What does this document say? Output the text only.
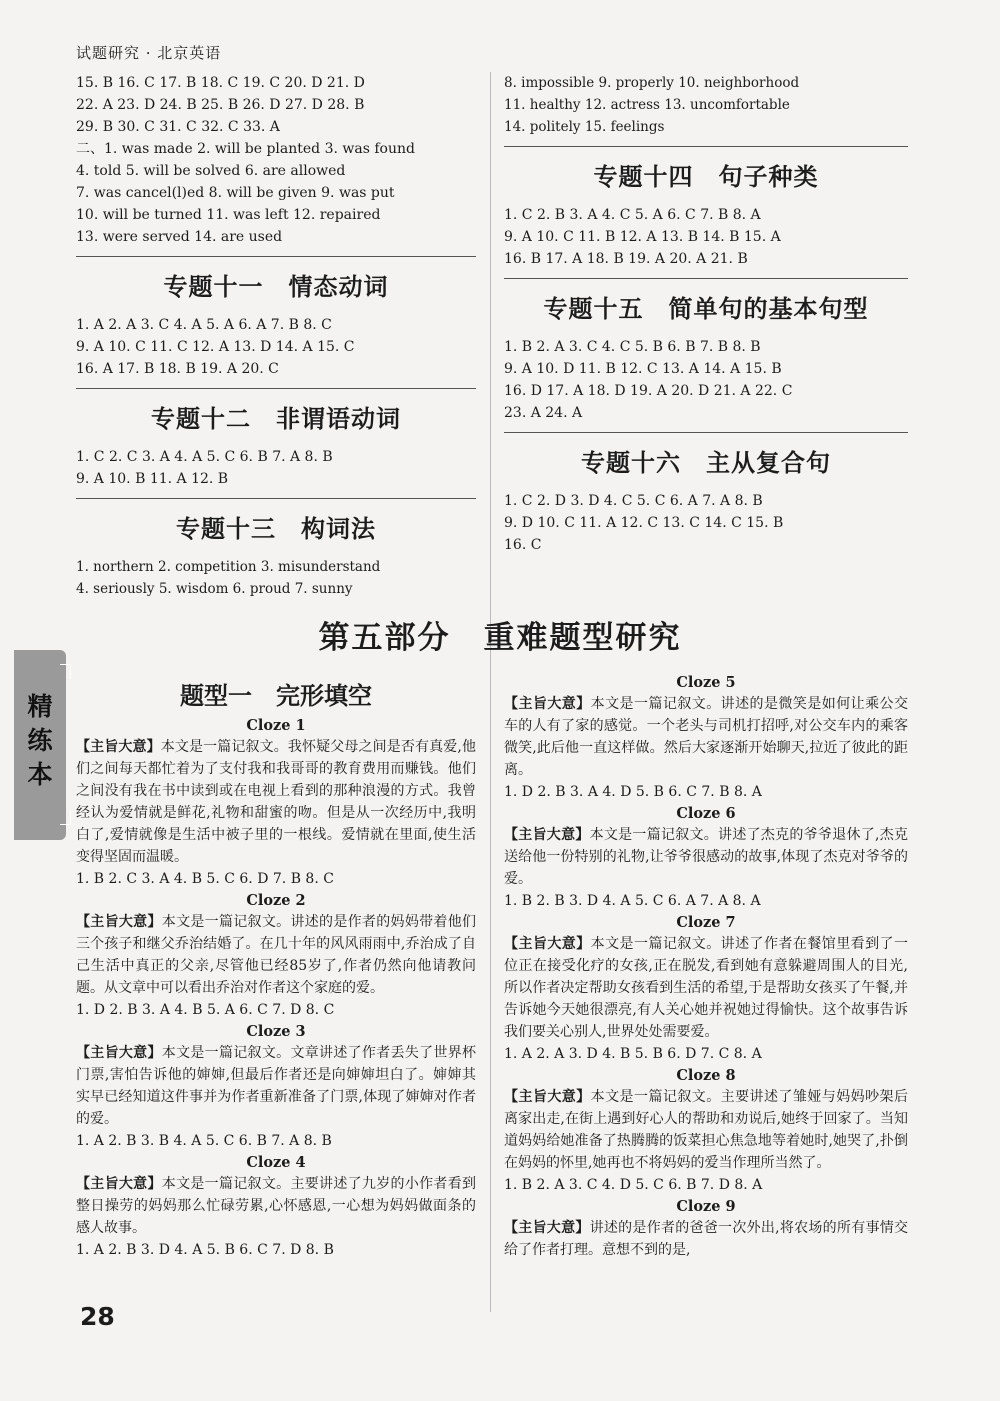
试题研究 · 北京英语
15. B 16. C 17. B 18. C 19. C 20. D 21. D
22. A 23. D 24. B 25. B 26. D 27. D 28. B
29. B 30. C 31. C 32. C 33. A
二、1. was made 2. will be planted 3. was found
4. told 5. will be solved 6. are allowed
7. was cancel(l)ed 8. will be given 9. was put
10. will be turned 11. was left 12. repaired
13. were served 14. are used
专题十一　情态动词
1. A 2. A 3. C 4. A 5. A 6. A 7. B 8. C
9. A 10. C 11. C 12. A 13. D 14. A 15. C
16. A 17. B 18. B 19. A 20. C
专题十二　非谓语动词
1. C 2. C 3. A 4. A 5. C 6. B 7. A 8. B
9. A 10. B 11. A 12. B
专题十三　构词法
1. northern 2. competition 3. misunderstand
4. seriously 5. wisdom 6. proud 7. sunny
8. impossible 9. properly 10. neighborhood
11. healthy 12. actress 13. uncomfortable
14. politely 15. feelings
专题十四　句子种类
1. C 2. B 3. A 4. C 5. A 6. C 7. B 8. A
9. A 10. C 11. B 12. A 13. B 14. B 15. A
16. B 17. A 18. B 19. A 20. A 21. B
专题十五　简单句的基本句型
1. B 2. A 3. C 4. C 5. B 6. B 7. B 8. B
9. A 10. D 11. B 12. C 13. A 14. A 15. B
16. D 17. A 18. D 19. A 20. D 21. A 22. C
23. A 24. A
专题十六　主从复合句
1. C 2. D 3. D 4. C 5. C 6. A 7. A 8. B
9. D 10. C 11. A 12. C 13. C 14. C 15. B
16. C
第五部分　重难题型研究
题型一　完形填空
Cloze 1
【主旨大意】本文是一篇记叙文。我怀疑父母之间是否有真爱,他们之间每天都忙着为了支付我和我哥哥的教育费用而赚钱。他们之间没有我在书中读到或在电视上看到的那种浪漫的方式。我曾经认为爱情就是鲜花,礼物和甜蜜的吻。但是从一次经历中,我明白了,爱情就像是生活中被子里的一根线。爱情就在里面,使生活变得坚固而温暖。
1. B 2. C 3. A 4. B 5. C 6. D 7. B 8. C
Cloze 2
【主旨大意】本文是一篇记叙文。讲述的是作者的妈妈带着他们三个孩子和继父乔治结婚了。在几十年的风风雨雨中,乔治成了自己生活中真正的父亲,尽管他已经85岁了,作者仍然向他请教问题。从文章中可以看出乔治对作者这个家庭的爱。
1. D 2. B 3. A 4. B 5. A 6. C 7. D 8. C
Cloze 3
【主旨大意】本文是一篇记叙文。文章讲述了作者丢失了世界杯门票,害怕告诉他的婶婶,但最后作者还是向婶婶坦白了。婶婶其实早已经知道这件事并为作者重新准备了门票,体现了婶婶对作者的爱。
1. A 2. B 3. B 4. A 5. C 6. B 7. A 8. B
Cloze 4
【主旨大意】本文是一篇记叙文。主要讲述了九岁的小作者看到整日操劳的妈妈那么忙碌劳累,心怀感恩,一心想为妈妈做面条的感人故事。
1. A 2. B 3. D 4. A 5. B 6. C 7. D 8. B
Cloze 5
【主旨大意】本文是一篇记叙文。讲述的是微笑是如何让乘公交车的人有了家的感觉。一个老头与司机打招呼,对公交车内的乘客微笑,此后他一直这样做。然后大家逐渐开始聊天,拉近了彼此的距离。
1. D 2. B 3. A 4. D 5. B 6. C 7. B 8. A
Cloze 6
【主旨大意】本文是一篇记叙文。讲述了杰克的爷爷退休了,杰克送给他一份特别的礼物,让爷爷很感动的故事,体现了杰克对爷爷的爱。
1. B 2. B 3. D 4. A 5. C 6. A 7. A 8. A
Cloze 7
【主旨大意】本文是一篇记叙文。讲述了作者在餐馆里看到了一位正在接受化疗的女孩,正在脱发,看到她有意躲避周围人的目光,所以作者决定帮助女孩看到生活的希望,于是帮助女孩买了午餐,并告诉她今天她很漂亮,有人关心她并祝她过得愉快。这个故事告诉我们要关心别人,世界处处需要爱。
1. A 2. A 3. D 4. B 5. B 6. D 7. C 8. A
Cloze 8
【主旨大意】本文是一篇记叙文。主要讲述了雏娅与妈妈吵架后离家出走,在街上遇到好心人的帮助和劝说后,她终于回家了。当知道妈妈给她准备了热腾腾的饭菜担心焦急地等着她时,她哭了,扑倒在妈妈的怀里,她再也不将妈妈的爱当作理所当然了。
1. B 2. A 3. C 4. D 5. C 6. B 7. D 8. A
Cloze 9
【主旨大意】讲述的是作者的爸爸一次外出,将农场的所有事情交给了作者打理。意想不到的是,
精练本
28
